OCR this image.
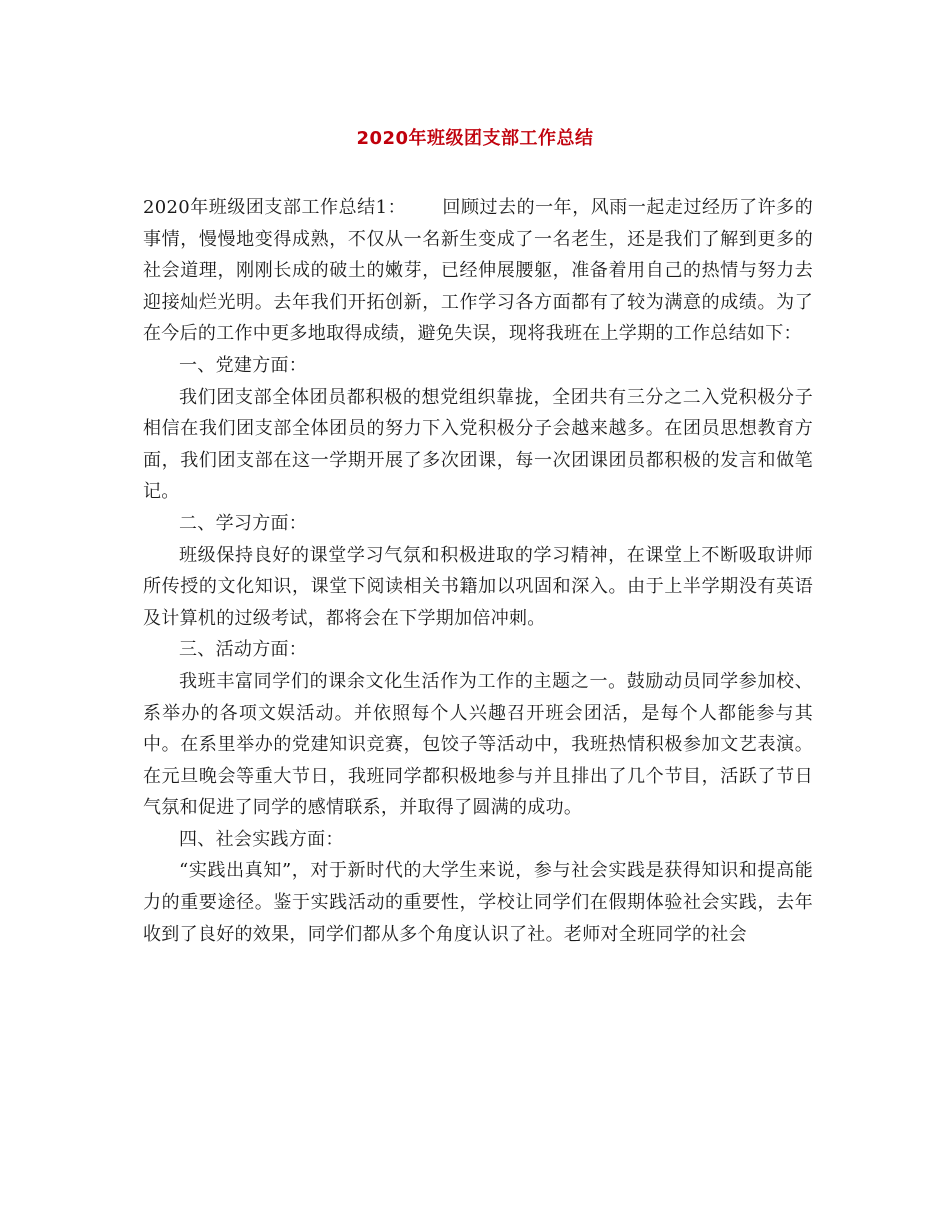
2020年班级团支部工作总结

2020年班级团支部工作总结1： 回顾过去的一年，风雨一起走过经历了许多的事情，慢慢地变得成熟，不仅从一名新生变成了一名老生，还是我们了解到更多的社会道理，刚刚长成的破土的嫩芽，已经伸展腰躯，准备着用自己的热情与努力去迎接灿烂光明。去年我们开拓创新，工作学习各方面都有了较为满意的成绩。为了在今后的工作中更多地取得成绩，避免失误，现将我班在上学期的工作总结如下：

一、党建方面：

我们团支部全体团员都积极的想党组织靠拢，全团共有三分之二入党积极分子相信在我们团支部全体团员的努力下入党积极分子会越来越多。在团员思想教育方面，我们团支部在这一学期开展了多次团课，每一次团课团员都积极的发言和做笔记。

二、学习方面：

班级保持良好的课堂学习气氛和积极进取的学习精神，在课堂上不断吸取讲师所传授的文化知识，课堂下阅读相关书籍加以巩固和深入。由于上半学期没有英语及计算机的过级考试，都将会在下学期加倍冲刺。

三、活动方面：

我班丰富同学们的课余文化生活作为工作的主题之一。鼓励动员同学参加校、系举办的各项文娱活动。并依照每个人兴趣召开班会团活，是每个人都能参与其中。在系里举办的党建知识竞赛，包饺子等活动中，我班热情积极参加文艺表演。在元旦晚会等重大节日，我班同学都积极地参与并且排出了几个节目，活跃了节日气氛和促进了同学的感情联系，并取得了圆满的成功。

四、社会实践方面：

“实践出真知”，对于新时代的大学生来说，参与社会实践是获得知识和提高能力的重要途径。鉴于实践活动的重要性，学校让同学们在假期体验社会实践，去年收到了良好的效果，同学们都从多个角度认识了社。老师对全班同学的社会
